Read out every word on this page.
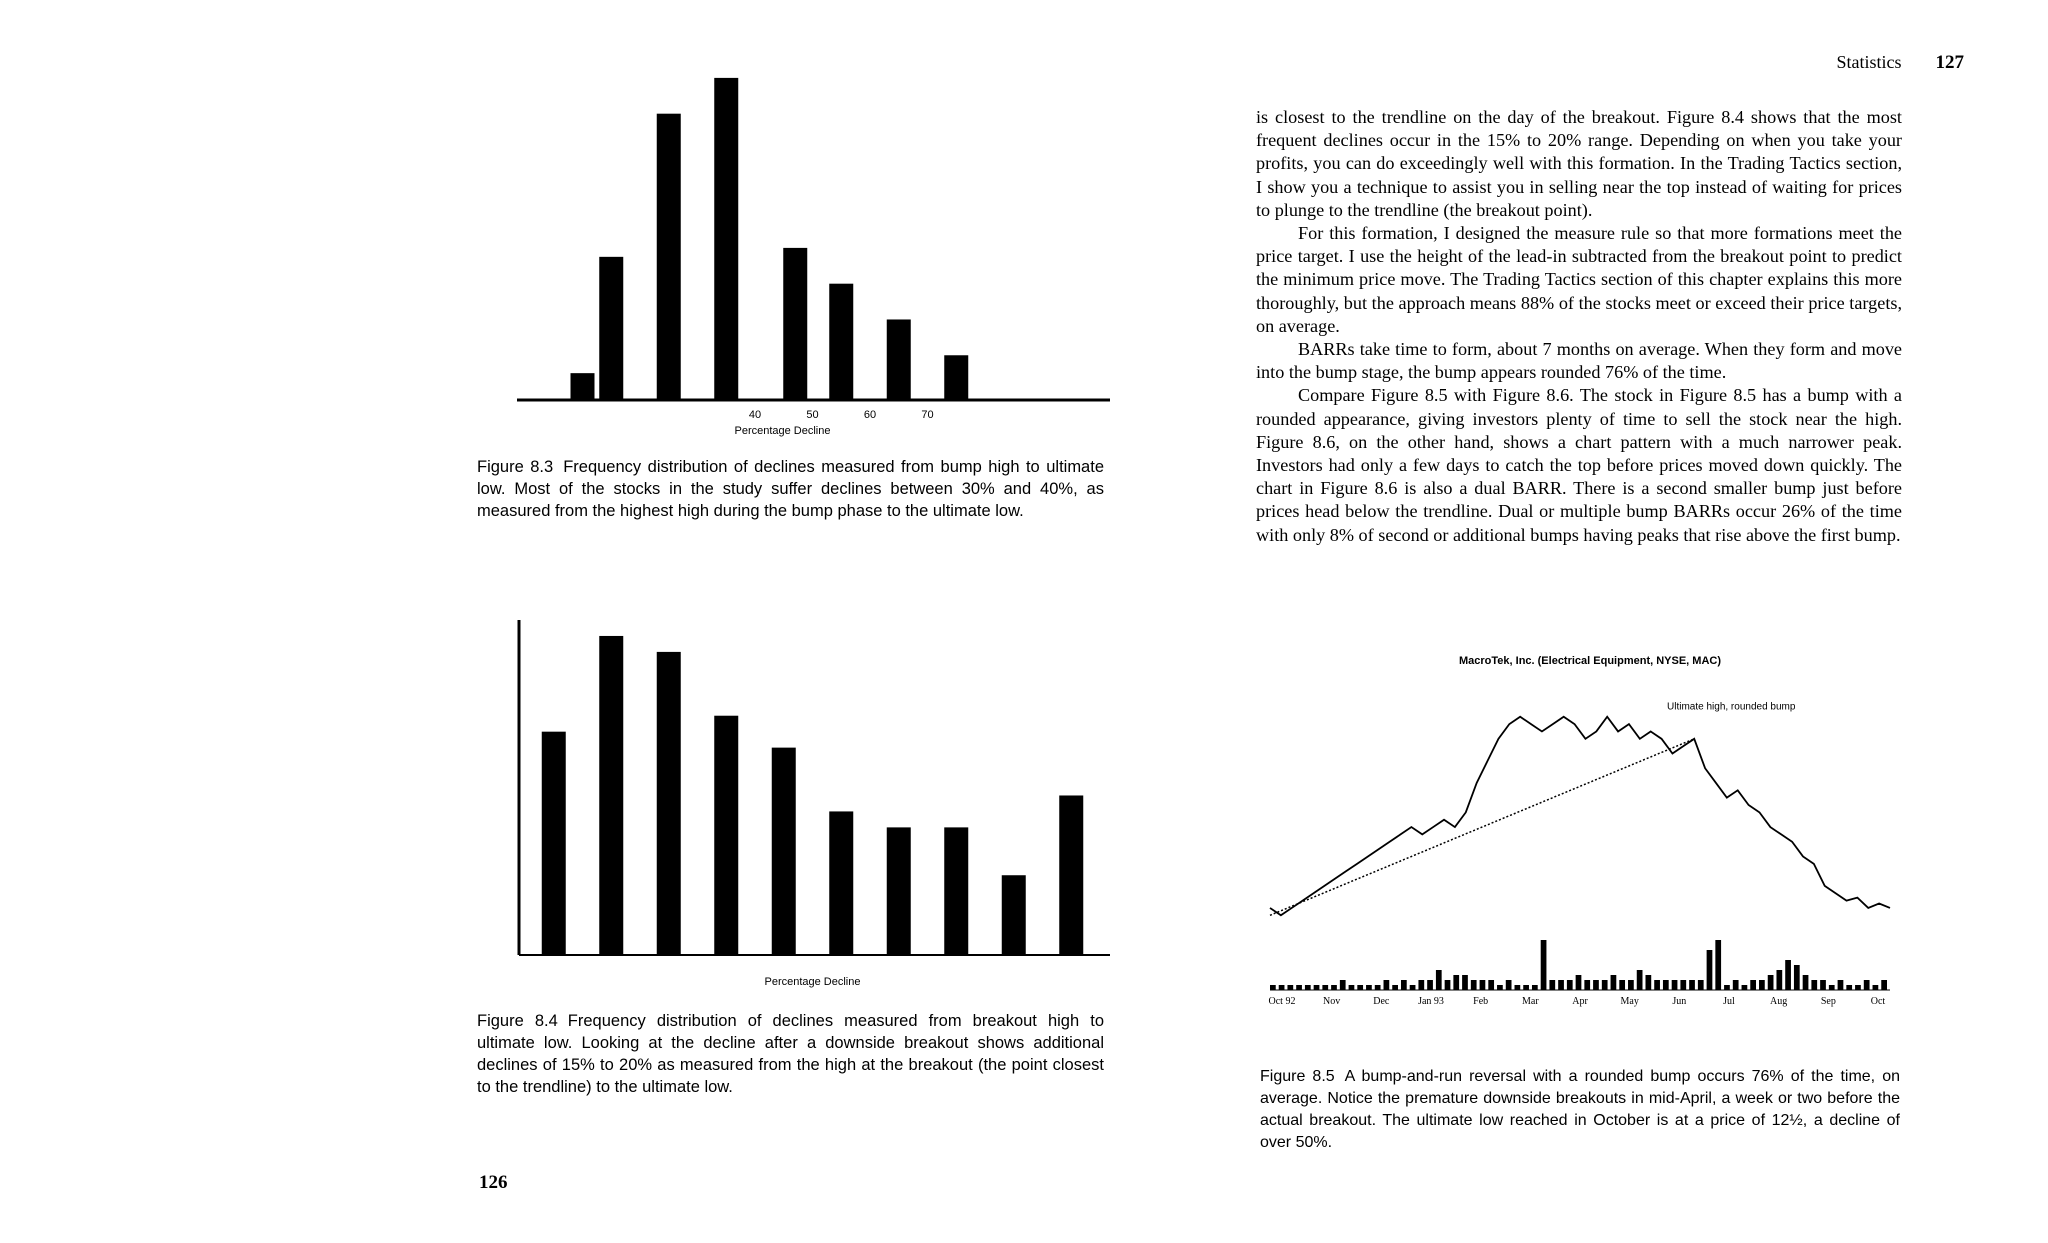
40	50	60	70
Percentage Decline

Figure 8.3 Frequency distribution of declines measured from bump high to ultimate low. Most of the stocks in the study suffer declines between 30% and 40%, as measured from the highest high during the bump phase to the ultimate low.

Percentage Decline

Figure 8.4 Frequency distribution of declines measured from breakout high to ultimate low. Looking at the decline after a downside breakout shows additional declines of 15% to 20% as measured from the high at the breakout (the point closest to the trendline) to the ultimate low.

126
Statistics 127

is closest to the trendline on the day of the breakout. Figure 8.4 shows that the most frequent declines occur in the 15% to 20% range. Depending on when you take your profits, you can do exceedingly well with this formation. In the Trading Tactics section, I show you a technique to assist you in selling near the top instead of waiting for prices to plunge to the trendline (the breakout point).

For this formation, I designed the measure rule so that more formations meet the price target. I use the height of the lead-in subtracted from the breakout point to predict the minimum price move. The Trading Tactics section of this chapter explains this more thoroughly, but the approach means 88% of the stocks meet or exceed their price targets, on average.

BARRs take time to form, about 7 months on average. When they form and move into the bump stage, the bump appears rounded 76% of the time.

Compare Figure 8.5 with Figure 8.6. The stock in Figure 8.5 has a bump with a rounded appearance, giving investors plenty of time to sell the stock near the high. Figure 8.6, on the other hand, shows a chart pattern with a much narrower peak. Investors had only a few days to catch the top before prices moved down quickly. The chart in Figure 8.6 is also a dual BARR. There is a second smaller bump just before prices head below the trendline. Dual or multiple bump BARRs occur 26% of the time with only 8% of second or additional bumps having peaks that rise above the first bump.

MacroTek, Inc. (Electrical Equipment, NYSE, MAC)
Ultimate high, rounded bump
Oct 92	Nov	Dec	Jan 93	Feb	Mar	Apr	May	Jun	Jul	Aug	Sep	Oct

Figure 8.5 A bump-and-run reversal with a rounded bump occurs 76% of the time, on average. Notice the premature downside breakouts in mid-April, a week or two before the actual breakout. The ultimate low reached in October is at a price of 12½, a decline of over 50%.
